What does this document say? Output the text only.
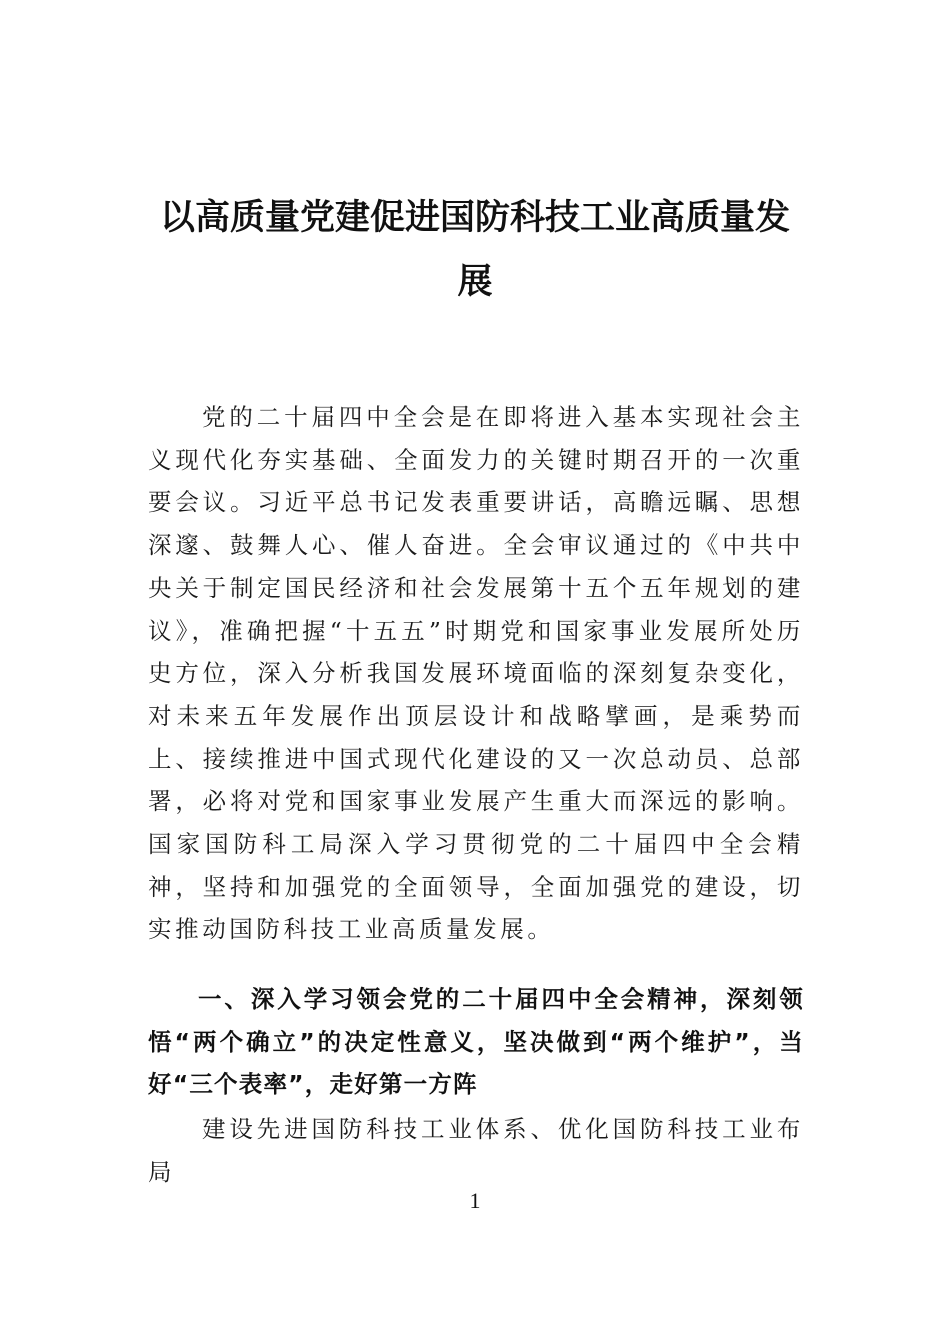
以高质量党建促进国防科技工业高质量发展

党的二十届四中全会是在即将进入基本实现社会主义现代化夯实基础、全面发力的关键时期召开的一次重要会议。习近平总书记发表重要讲话，高瞻远瞩、思想深邃、鼓舞人心、催人奋进。全会审议通过的《中共中央关于制定国民经济和社会发展第十五个五年规划的建议》，准确把握“十五五”时期党和国家事业发展所处历史方位，深入分析我国发展环境面临的深刻复杂变化，对未来五年发展作出顶层设计和战略擘画，是乘势而上、接续推进中国式现代化建设的又一次总动员、总部署，必将对党和国家事业发展产生重大而深远的影响。国家国防科工局深入学习贯彻党的二十届四中全会精神，坚持和加强党的全面领导，全面加强党的建设，切实推动国防科技工业高质量发展。

一、深入学习领会党的二十届四中全会精神，深刻领悟“两个确立”的决定性意义，坚决做到“两个维护”，当好“三个表率”，走好第一方阵

建设先进国防科技工业体系、优化国防科技工业布局

1
